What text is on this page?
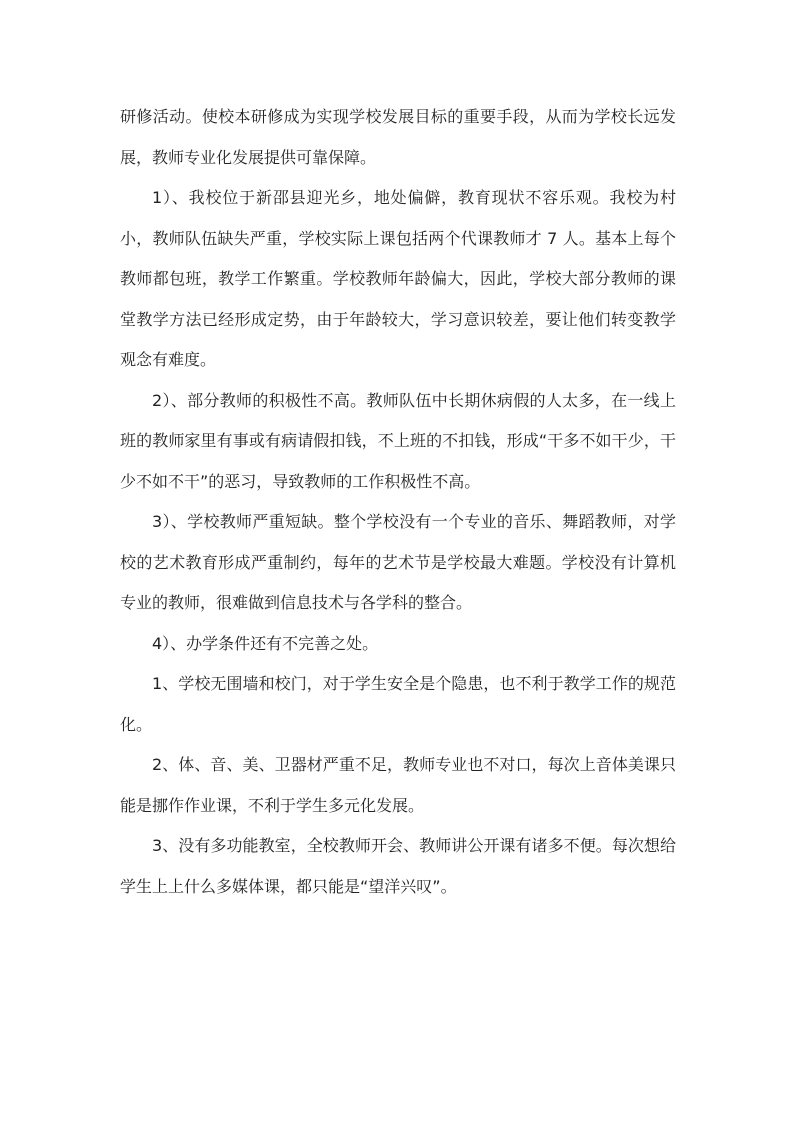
研修活动。使校本研修成为实现学校发展目标的重要手段，从而为学校长远发展，教师专业化发展提供可靠保障。

1）、我校位于新邵县迎光乡，地处偏僻，教育现状不容乐观。我校为村小，教师队伍缺失严重，学校实际上课包括两个代课教师才 7 人。基本上每个教师都包班，教学工作繁重。学校教师年龄偏大，因此，学校大部分教师的课堂教学方法已经形成定势，由于年龄较大，学习意识较差，要让他们转变教学观念有难度。

2）、部分教师的积极性不高。教师队伍中长期休病假的人太多，在一线上班的教师家里有事或有病请假扣钱，不上班的不扣钱，形成“干多不如干少，干少不如不干”的恶习，导致教师的工作积极性不高。

3）、学校教师严重短缺。整个学校没有一个专业的音乐、舞蹈教师，对学校的艺术教育形成严重制约，每年的艺术节是学校最大难题。学校没有计算机专业的教师，很难做到信息技术与各学科的整合。

4）、办学条件还有不完善之处。

1、学校无围墙和校门，对于学生安全是个隐患，也不利于教学工作的规范化。

2、体、音、美、卫器材严重不足，教师专业也不对口，每次上音体美课只能是挪作作业课，不利于学生多元化发展。

3、没有多功能教室，全校教师开会、教师讲公开课有诸多不便。每次想给学生上上什么多媒体课，都只能是“望洋兴叹”。
